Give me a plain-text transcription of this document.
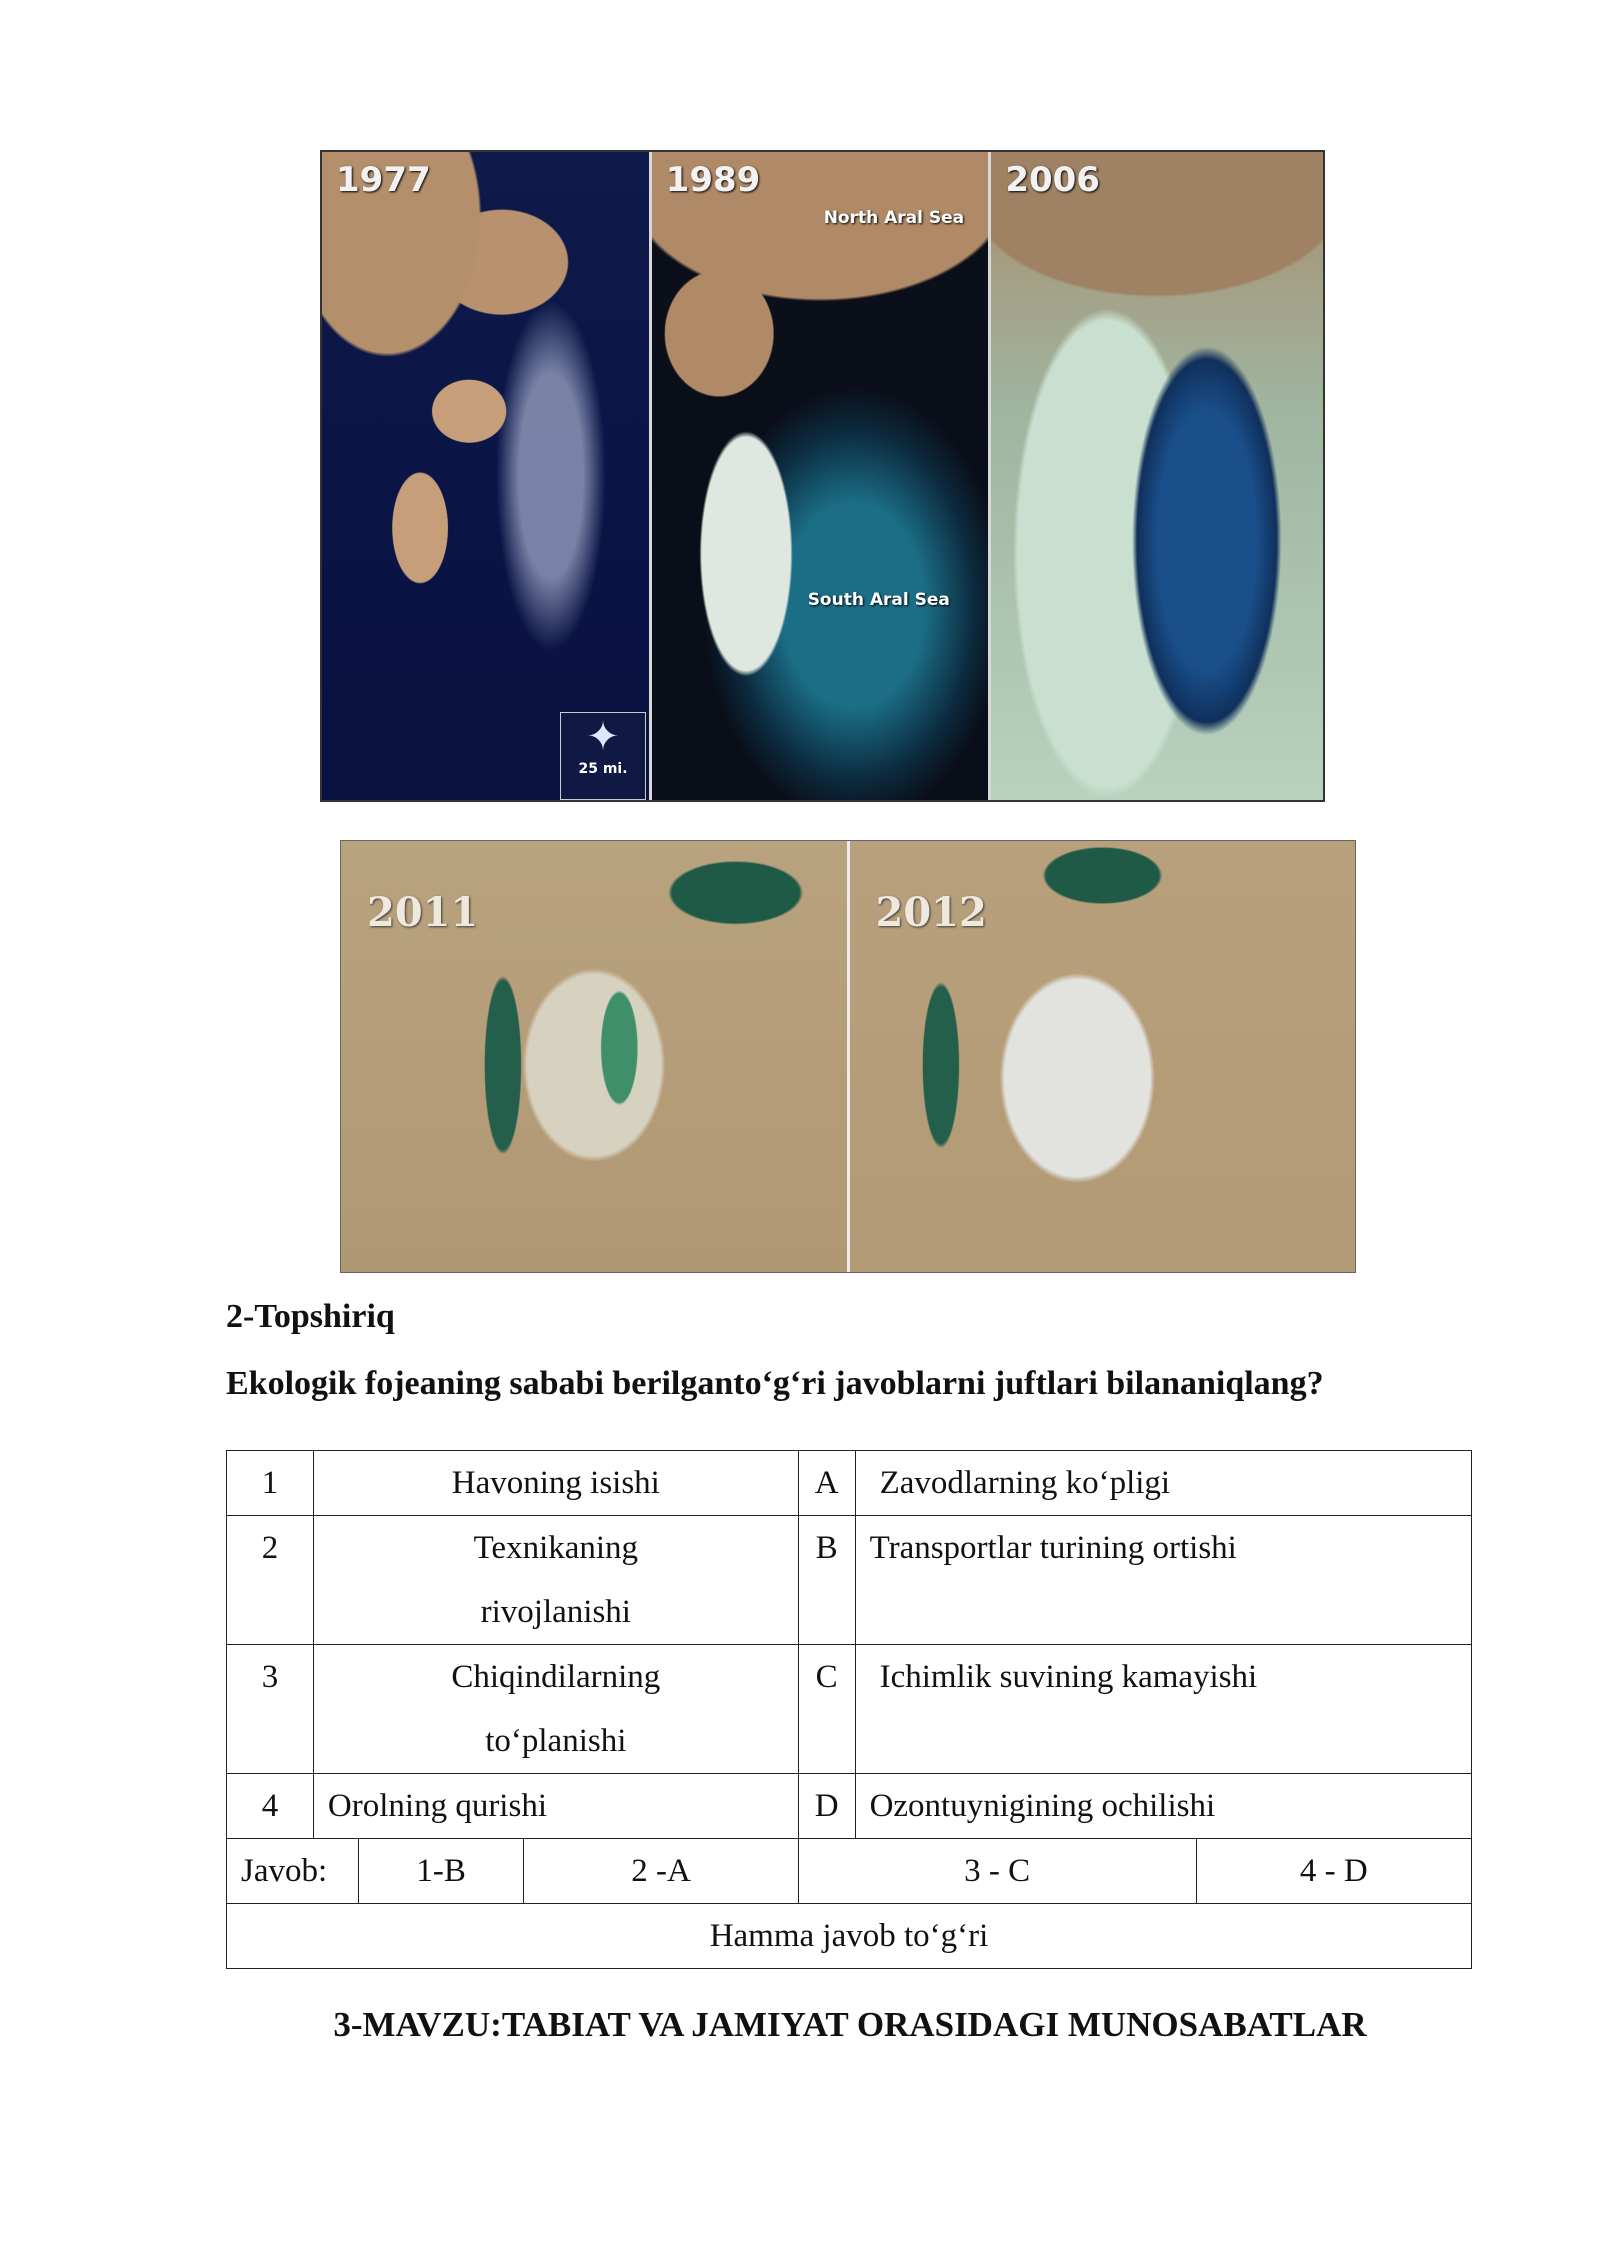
1977
✦
25 mi.
1989
North Aral Sea
South Aral Sea
2006
2011	2012
2-Topshiriq
Ekologik fojeaning sababi berilganto‘g‘ri javoblarni juftlari bilananiqlang?
1	Havoning isishi			A	Zavodlarning ko‘pligi	
2	Texnikaning
rivojlanishi			B	Transportlar turining ortishi	
3	Chiqindilarning
to‘planishi			C	Ichimlik suvining kamayishi	
4	Orolning qurishi			D	Ozontuynigining ochilishi	
Javob:		1-B	2 -A	3 - C		4 - D
Hamma javob to‘g‘ri						
3-MAVZU:TABIAT VA JAMIYAT ORASIDAGI MUNOSABATLAR
